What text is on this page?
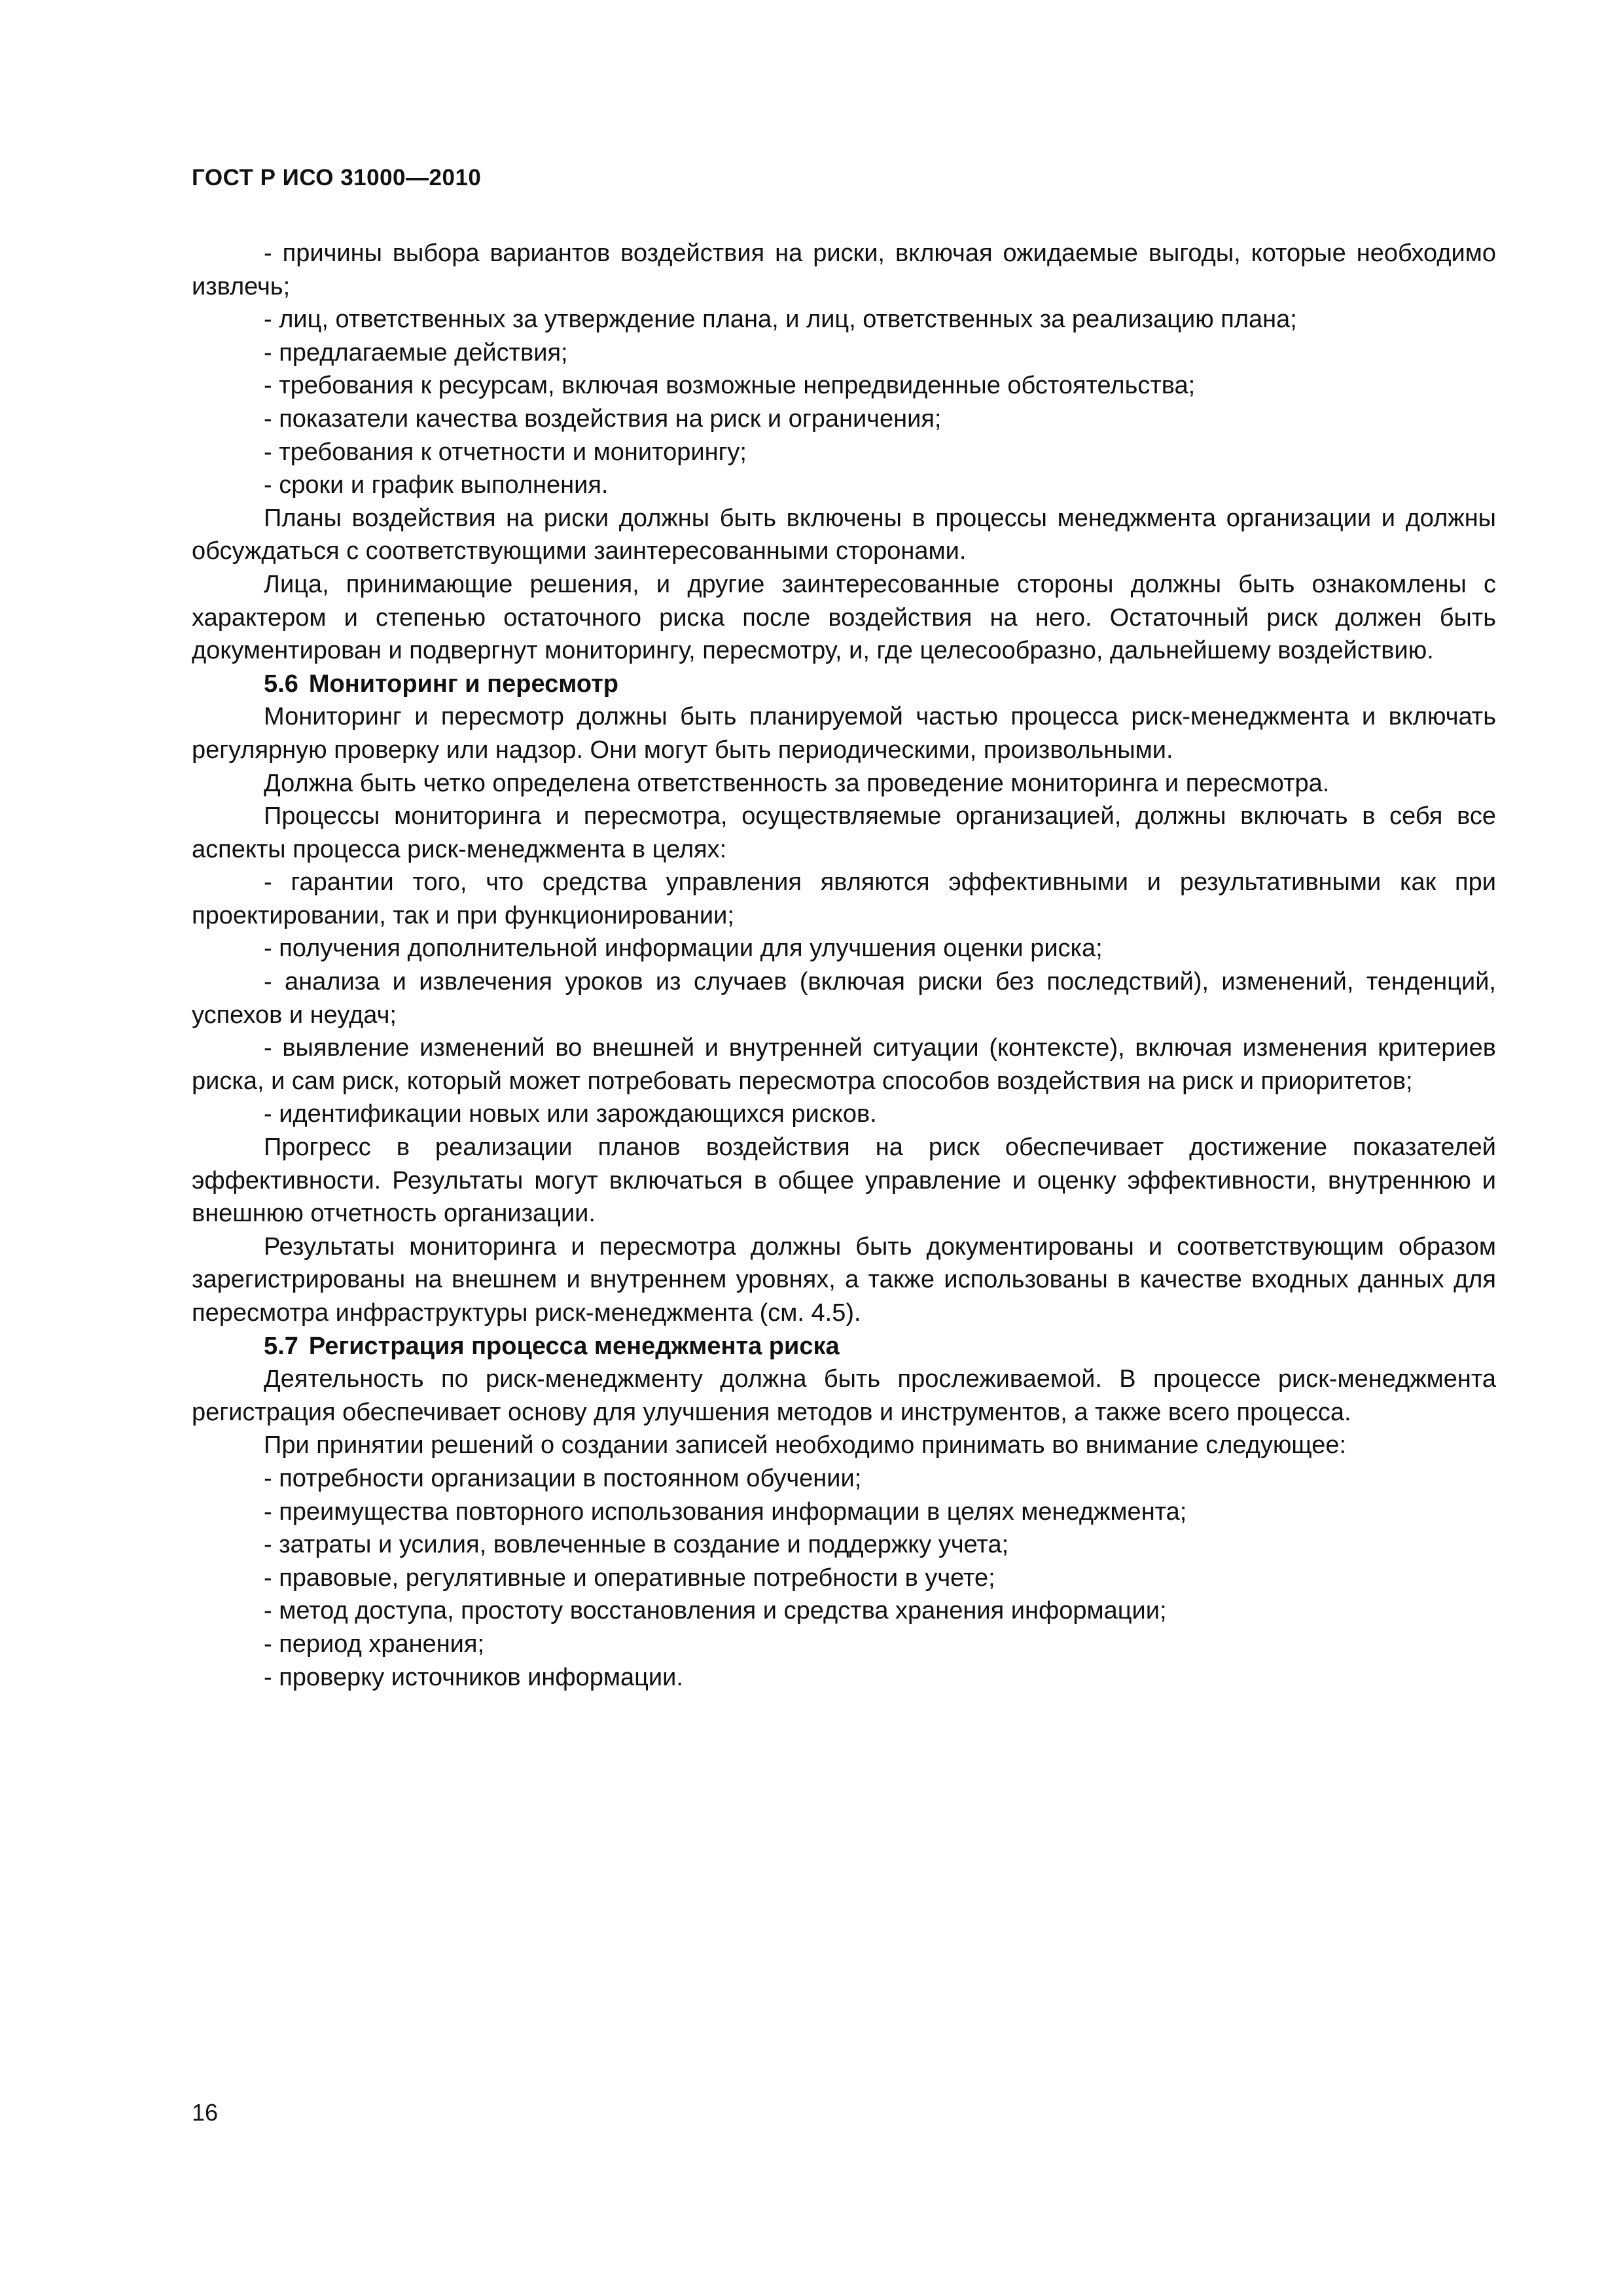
ГОСТ Р ИСО 31000—2010

- причины выбора вариантов воздействия на риски, включая ожидаемые выгоды, которые необходимо извлечь;

- лиц, ответственных за утверждение плана, и лиц, ответственных за реализацию плана;

- предлагаемые действия;

- требования к ресурсам, включая возможные непредвиденные обстоятельства;

- показатели качества воздействия на риск и ограничения;

- требования к отчетности и мониторингу;

- сроки и график выполнения.

Планы воздействия на риски должны быть включены в процессы менеджмента организации и должны обсуждаться с соответствующими заинтересованными сторонами.

Лица, принимающие решения, и другие заинтересованные стороны должны быть ознакомлены с характером и степенью остаточного риска после воздействия на него. Остаточный риск должен быть документирован и подвергнут мониторингу, пересмотру, и, где целесообразно, дальнейшему воздействию.

5.6 Мониторинг и пересмотр

Мониторинг и пересмотр должны быть планируемой частью процесса риск-менеджмента и включать регулярную проверку или надзор. Они могут быть периодическими, произвольными.

Должна быть четко определена ответственность за проведение мониторинга и пересмотра.

Процессы мониторинга и пересмотра, осуществляемые организацией, должны включать в себя все аспекты процесса риск-менеджмента в целях:

- гарантии того, что средства управления являются эффективными и результативными как при проектировании, так и при функционировании;

- получения дополнительной информации для улучшения оценки риска;

- анализа и извлечения уроков из случаев (включая риски без последствий), изменений, тенденций, успехов и неудач;

- выявление изменений во внешней и внутренней ситуации (контексте), включая изменения критериев риска, и сам риск, который может потребовать пересмотра способов воздействия на риск и приоритетов;

- идентификации новых или зарождающихся рисков.

Прогресс в реализации планов воздействия на риск обеспечивает достижение показателей эффективности. Результаты могут включаться в общее управление и оценку эффективности, внутреннюю и внешнюю отчетность организации.

Результаты мониторинга и пересмотра должны быть документированы и соответствующим образом зарегистрированы на внешнем и внутреннем уровнях, а также использованы в качестве входных данных для пересмотра инфраструктуры риск-менеджмента (см. 4.5).

5.7 Регистрация процесса менеджмента риска

Деятельность по риск-менеджменту должна быть прослеживаемой. В процессе риск-менеджмента регистрация обеспечивает основу для улучшения методов и инструментов, а также всего процесса.

При принятии решений о создании записей необходимо принимать во внимание следующее:

- потребности организации в постоянном обучении;

- преимущества повторного использования информации в целях менеджмента;

- затраты и усилия, вовлеченные в создание и поддержку учета;

- правовые, регулятивные и оперативные потребности в учете;

- метод доступа, простоту восстановления и средства хранения информации;

- период хранения;

- проверку источников информации.

16
